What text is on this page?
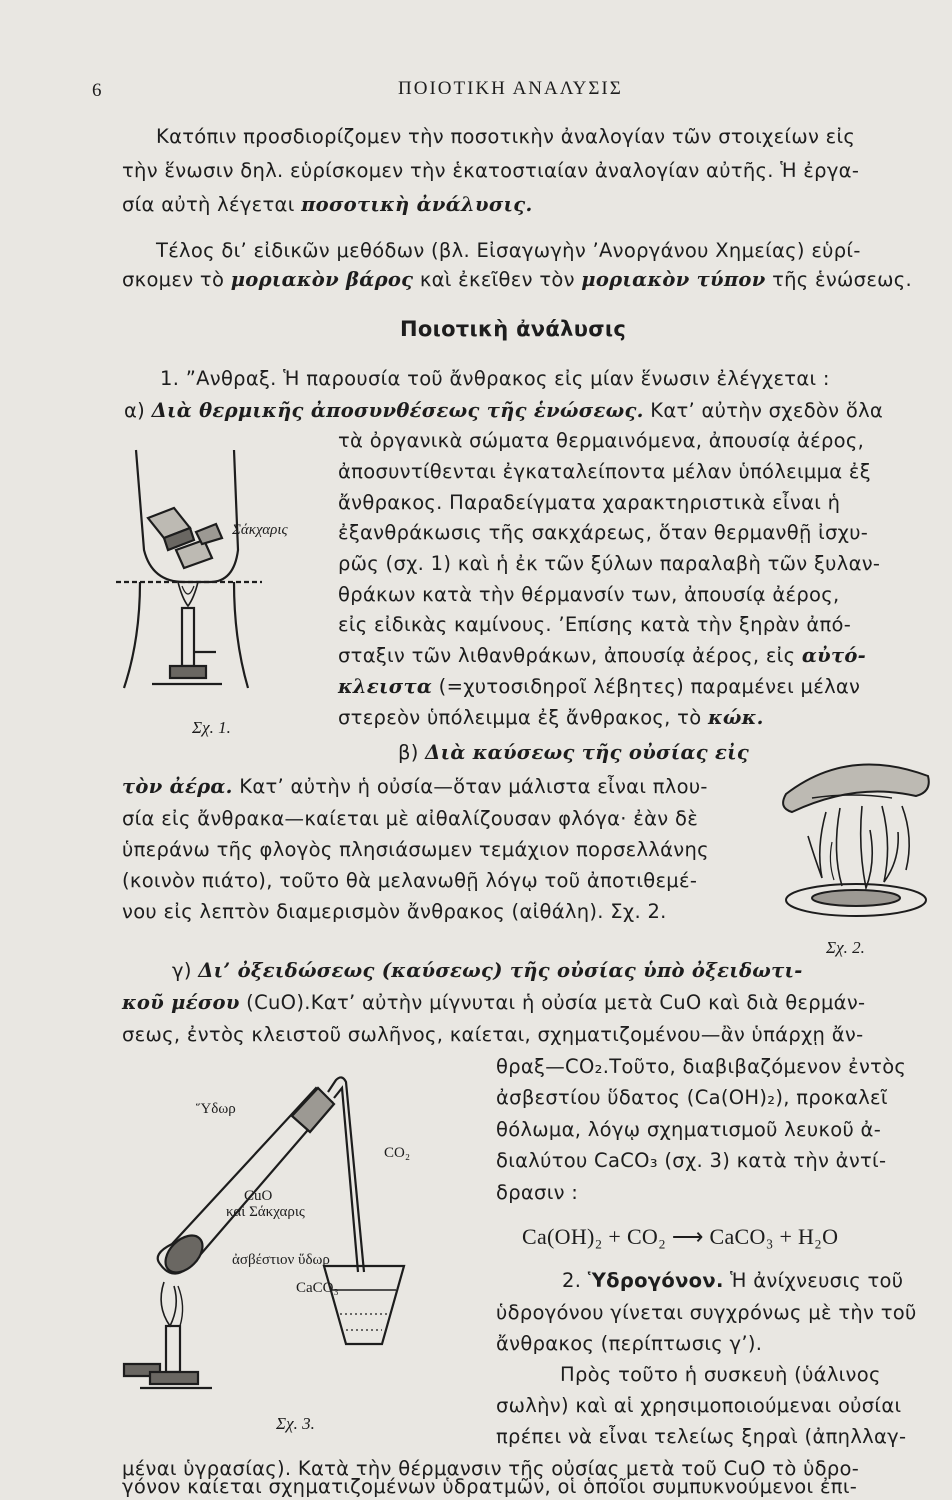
6	ΠΟΙΟΤΙΚΗ ΑΝΑΛΥΣΙΣ
Κατόπιν προσδιορίζομεν τὴν ποσοτικὴν ἀναλογίαν τῶν στοιχείων εἰς
τὴν ἕνωσιν δηλ. εὑρίσκομεν τὴν ἑκατοστιαίαν ἀναλογίαν αὐτῆς. Ἡ ἐργα-
σία αὐτὴ λέγεται ποσοτικὴ ἀνάλυσις.
Τέλος δι’ εἰδικῶν μεθόδων (βλ. Εἰσαγωγὴν ’Ανοργάνου Χημείας) εὑρί-
σκομεν τὸ μοριακὸν βάρος καὶ ἐκεῖθεν τὸν μοριακὸν τύπον τῆς ἑνώσεως.
Ποιοτικὴ ἀνάλυσις
1. ”Ανθραξ. Ἡ παρουσία τοῦ ἄνθρακος εἰς μίαν ἕνωσιν ἐλέγχεται :
α) Διὰ θερμικῆς ἀποσυνθέσεως τῆς ἑνώσεως. Κατ’ αὐτὴν σχεδὸν ὅλα
τὰ ὀργανικὰ σώματα θερμαινόμενα, ἀπουσίᾳ ἀέρος,
ἀποσυντίθενται ἐγκαταλείποντα μέλαν ὑπόλειμμα ἐξ
ἄνθρακος. Παραδείγματα χαρακτηριστικὰ εἶναι ἡ
ἐξανθράκωσις τῆς σακχάρεως, ὅταν θερμανθῇ ἰσχυ-
ρῶς (σχ. 1) καὶ ἡ ἐκ τῶν ξύλων παραλαβὴ τῶν ξυλαν-
θράκων κατὰ τὴν θέρμανσίν των, ἀπουσίᾳ ἀέρος,
εἰς εἰδικὰς καμίνους. ’Επίσης κατὰ τὴν ξηρὰν ἀπό-
σταξιν τῶν λιθανθράκων, ἀπουσίᾳ ἀέρος, εἰς αὐτό-
κλειστα (=χυτοσιδηροῖ λέβητες) παραμένει μέλαν
στερεὸν ὑπόλειμμα ἐξ ἄνθρακος, τὸ κώκ.
Σάκχαρις
Σχ. 1.
β) Διὰ καύσεως τῆς οὐσίας εἰς
τὸν ἀέρα. Κατ’ αὐτὴν ἡ οὐσία—ὅταν μάλιστα εἶναι πλου-
σία εἰς ἄνθρακα—καίεται μὲ αἰθαλίζουσαν φλόγα· ἐὰν δὲ
ὑπεράνω τῆς φλογὸς πλησιάσωμεν τεμάχιον πορσελλάνης
(κοινὸν πιάτο), τοῦτο θὰ μελανωθῇ λόγῳ τοῦ ἀποτιθεμέ-
νου εἰς λεπτὸν διαμερισμὸν ἄνθρακος (αἰθάλη). Σχ. 2.
Σχ. 2.
γ) Δι’ ὀξειδώσεως (καύσεως) τῆς οὐσίας ὑπὸ ὀξειδωτι-
κοῦ μέσου (CuO).Κατ’ αὐτὴν μίγνυται ἡ οὐσία μετὰ CuO καὶ διὰ θερμάν-
σεως, ἐντὸς κλειστοῦ σωλῆνος, καίεται, σχηματιζομένου—ἂν ὑπάρχῃ ἄν-
θραξ—CO₂.Τοῦτο, διαβιβαζόμενον ἐντὸς
ἀσβεστίου ὕδατος (Ca(OH)₂), προκαλεῖ
θόλωμα, λόγῳ σχηματισμοῦ λευκοῦ ἀ-
διαλύτου CaCO₃ (σχ. 3) κατὰ τὴν ἀντί-
δρασιν :
Ca(OH)₂ + CO₂ ⟶ CaCO₃ + H₂O
2. Ὑδρογόνον. Ἡ ἀνίχνευσις τοῦ
ὑδρογόνου γίνεται συγχρόνως μὲ τὴν τοῦ
ἄνθρακος (περίπτωσις γ’).
Πρὸς τοῦτο ἡ συσκευὴ (ὑάλινος
σωλὴν) καὶ αἱ χρησιμοποιούμεναι οὐσίαι
πρέπει νὰ εἶναι τελείως ξηραὶ (ἀπηλλαγ-
μέναι ὑγρασίας). Κατὰ τὴν θέρμανσιν τῆς οὐσίας μετὰ τοῦ CuO τὸ ὑδρο-
γόνον καίεται σχηματιζομένων ὑδρατμῶν, οἱ ὁποῖοι συμπυκνούμενοι ἐπι-
Ὕδωρ
CO₂
CuO
καὶ Σάκχαρις
ἀσβέστιον ὕδωρ
CaCO₃
Σχ. 3.
